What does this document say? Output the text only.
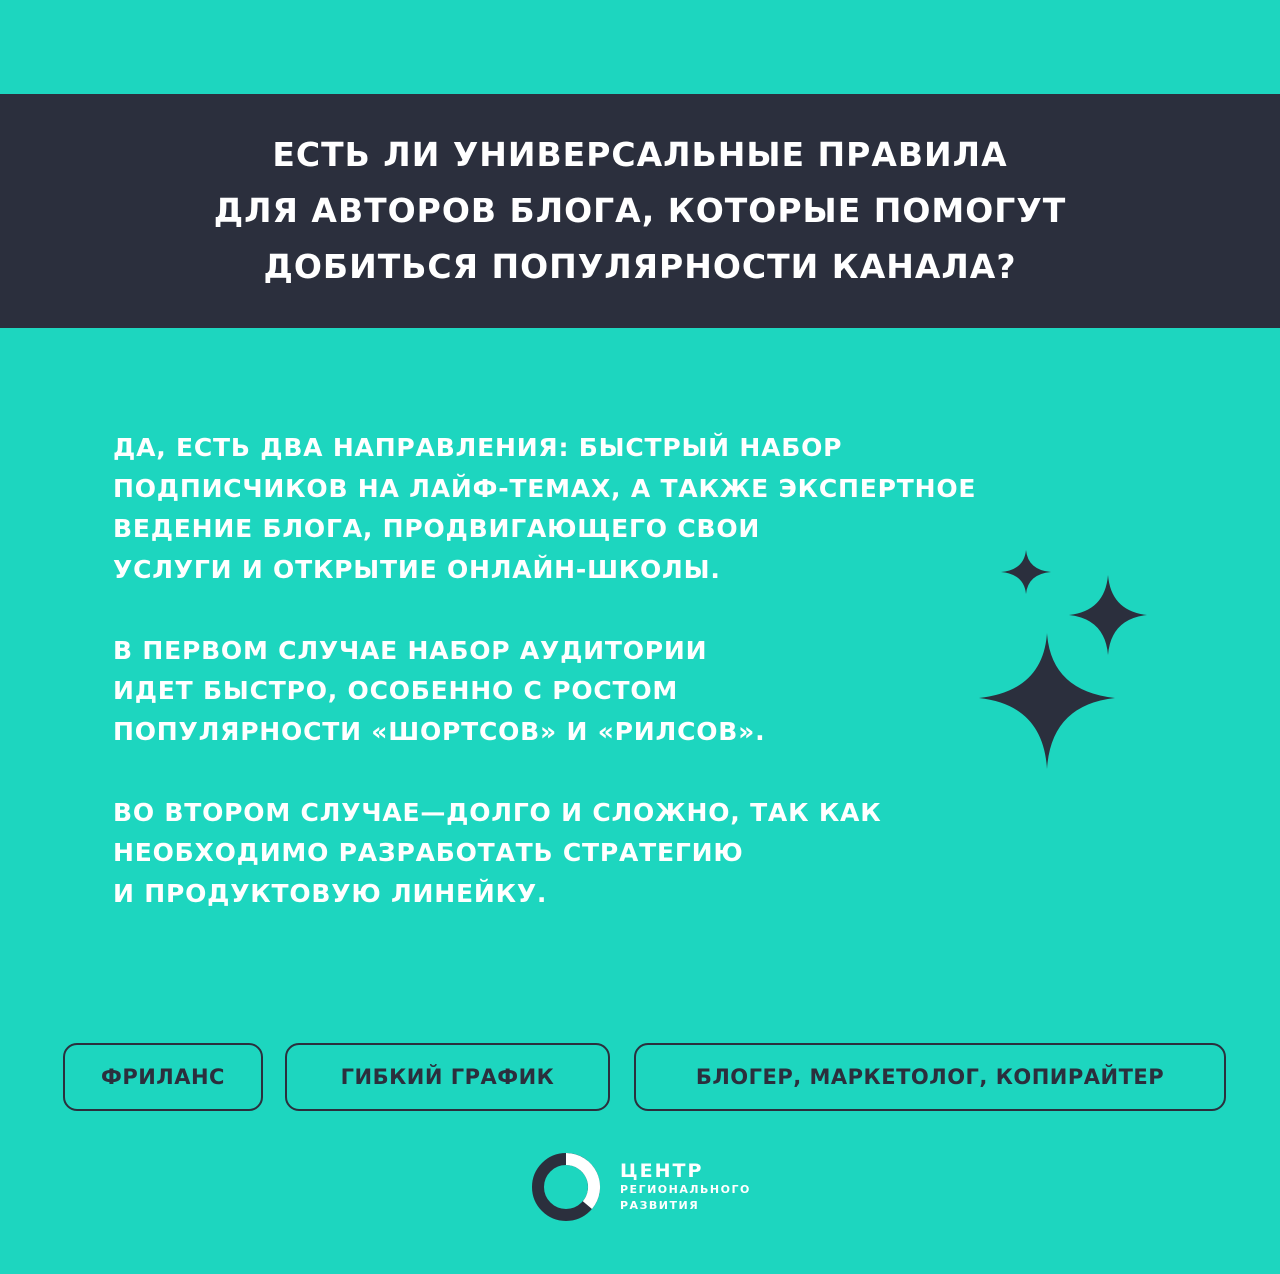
ЕСТЬ ЛИ УНИВЕРСАЛЬНЫЕ ПРАВИЛА
ДЛЯ АВТОРОВ БЛОГА, КОТОРЫЕ ПОМОГУТ
ДОБИТЬСЯ ПОПУЛЯРНОСТИ КАНАЛА?

ДА, ЕСТЬ ДВА НАПРАВЛЕНИЯ: БЫСТРЫЙ НАБОР
ПОДПИСЧИКОВ НА ЛАЙФ-ТЕМАХ, А ТАКЖЕ ЭКСПЕРТНОЕ
ВЕДЕНИЕ БЛОГА, ПРОДВИГАЮЩЕГО СВОИ
УСЛУГИ И ОТКРЫТИЕ ОНЛАЙН-ШКОЛЫ.

В ПЕРВОМ СЛУЧАЕ НАБОР АУДИТОРИИ
ИДЕТ БЫСТРО, ОСОБЕННО С РОСТОМ
ПОПУЛЯРНОСТИ «ШОРТСОВ» И «РИЛСОВ».

ВО ВТОРОМ СЛУЧАЕ—ДОЛГО И СЛОЖНО, ТАК КАК
НЕОБХОДИМО РАЗРАБОТАТЬ СТРАТЕГИЮ
И ПРОДУКТОВУЮ ЛИНЕЙКУ.

ФРИЛАНС	ГИБКИЙ ГРАФИК	БЛОГЕР, МАРКЕТОЛОГ, КОПИРАЙТЕР
ЦЕНТР
РЕГИОНАЛЬНОГО
РАЗВИТИЯ
